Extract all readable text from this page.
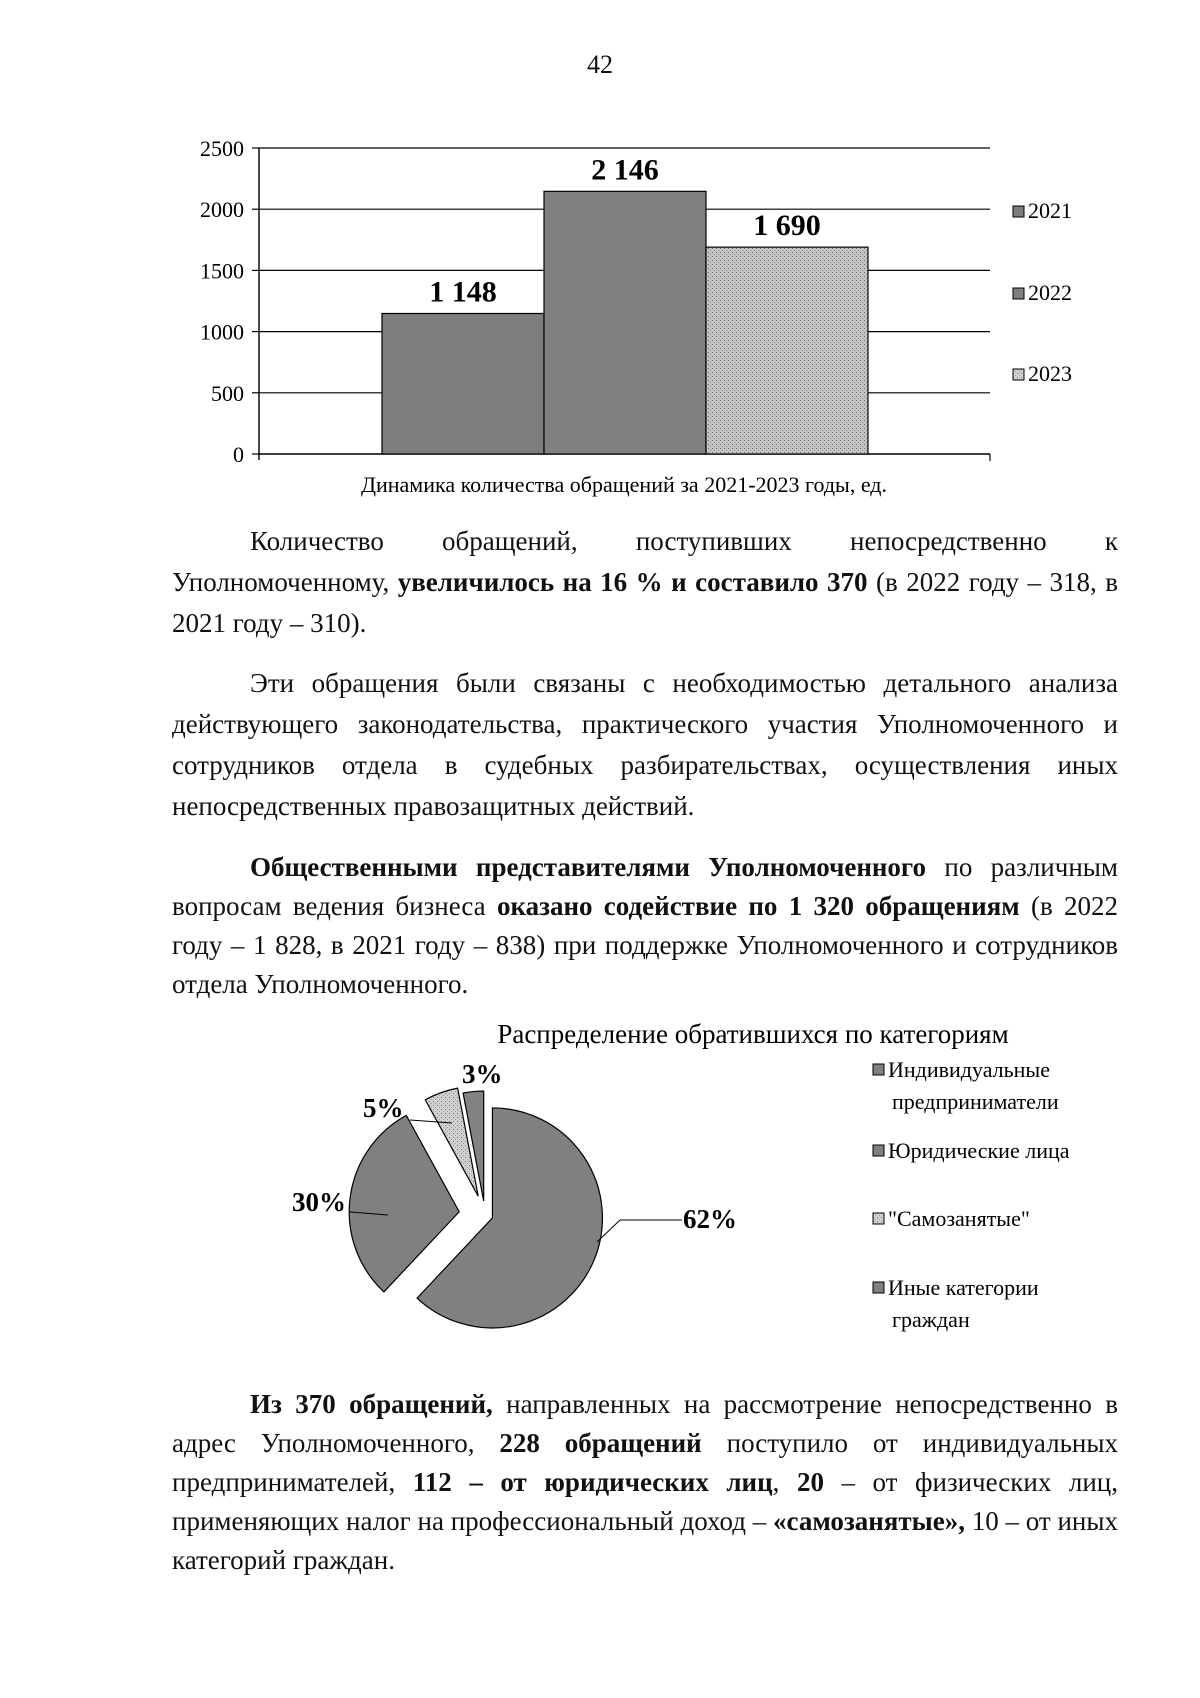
42
0
500
1000
1500
2000
2500
1 148
2 146
1 690
Динамика количества обращений за 2021-2023 годы, ед.
2021
2022
2023
Распределение обратившихся по категориям
62%
30%
5%
3%	Индивидуальные
предприниматели
Юридические лица
"Самозанятые"
Иные категории
граждан
Количество обращений, поступивших непосредственно к Уполномоченному, увеличилось на 16 % и составило 370 (в 2022 году – 318, в 2021 году – 310).
Эти обращения были связаны с необходимостью детального анализа действующего законодательства, практического участия Уполномоченного и сотрудников отдела в судебных разбирательствах, осуществления иных непосредственных правозащитных действий.
Общественными представителями Уполномоченного по различным вопросам ведения бизнеса оказано содействие по 1 320 обращениям (в 2022 году – 1 828, в 2021 году – 838) при поддержке Уполномоченного и сотрудников отдела Уполномоченного.
Из 370 обращений, направленных на рассмотрение непосредственно в адрес Уполномоченного, 228 обращений поступило от индивидуальных предпринимателей, 112 – от юридических лиц, 20 – от физических лиц, применяющих налог на профессиональный доход – «самозанятые», 10 – от иных категорий граждан.
